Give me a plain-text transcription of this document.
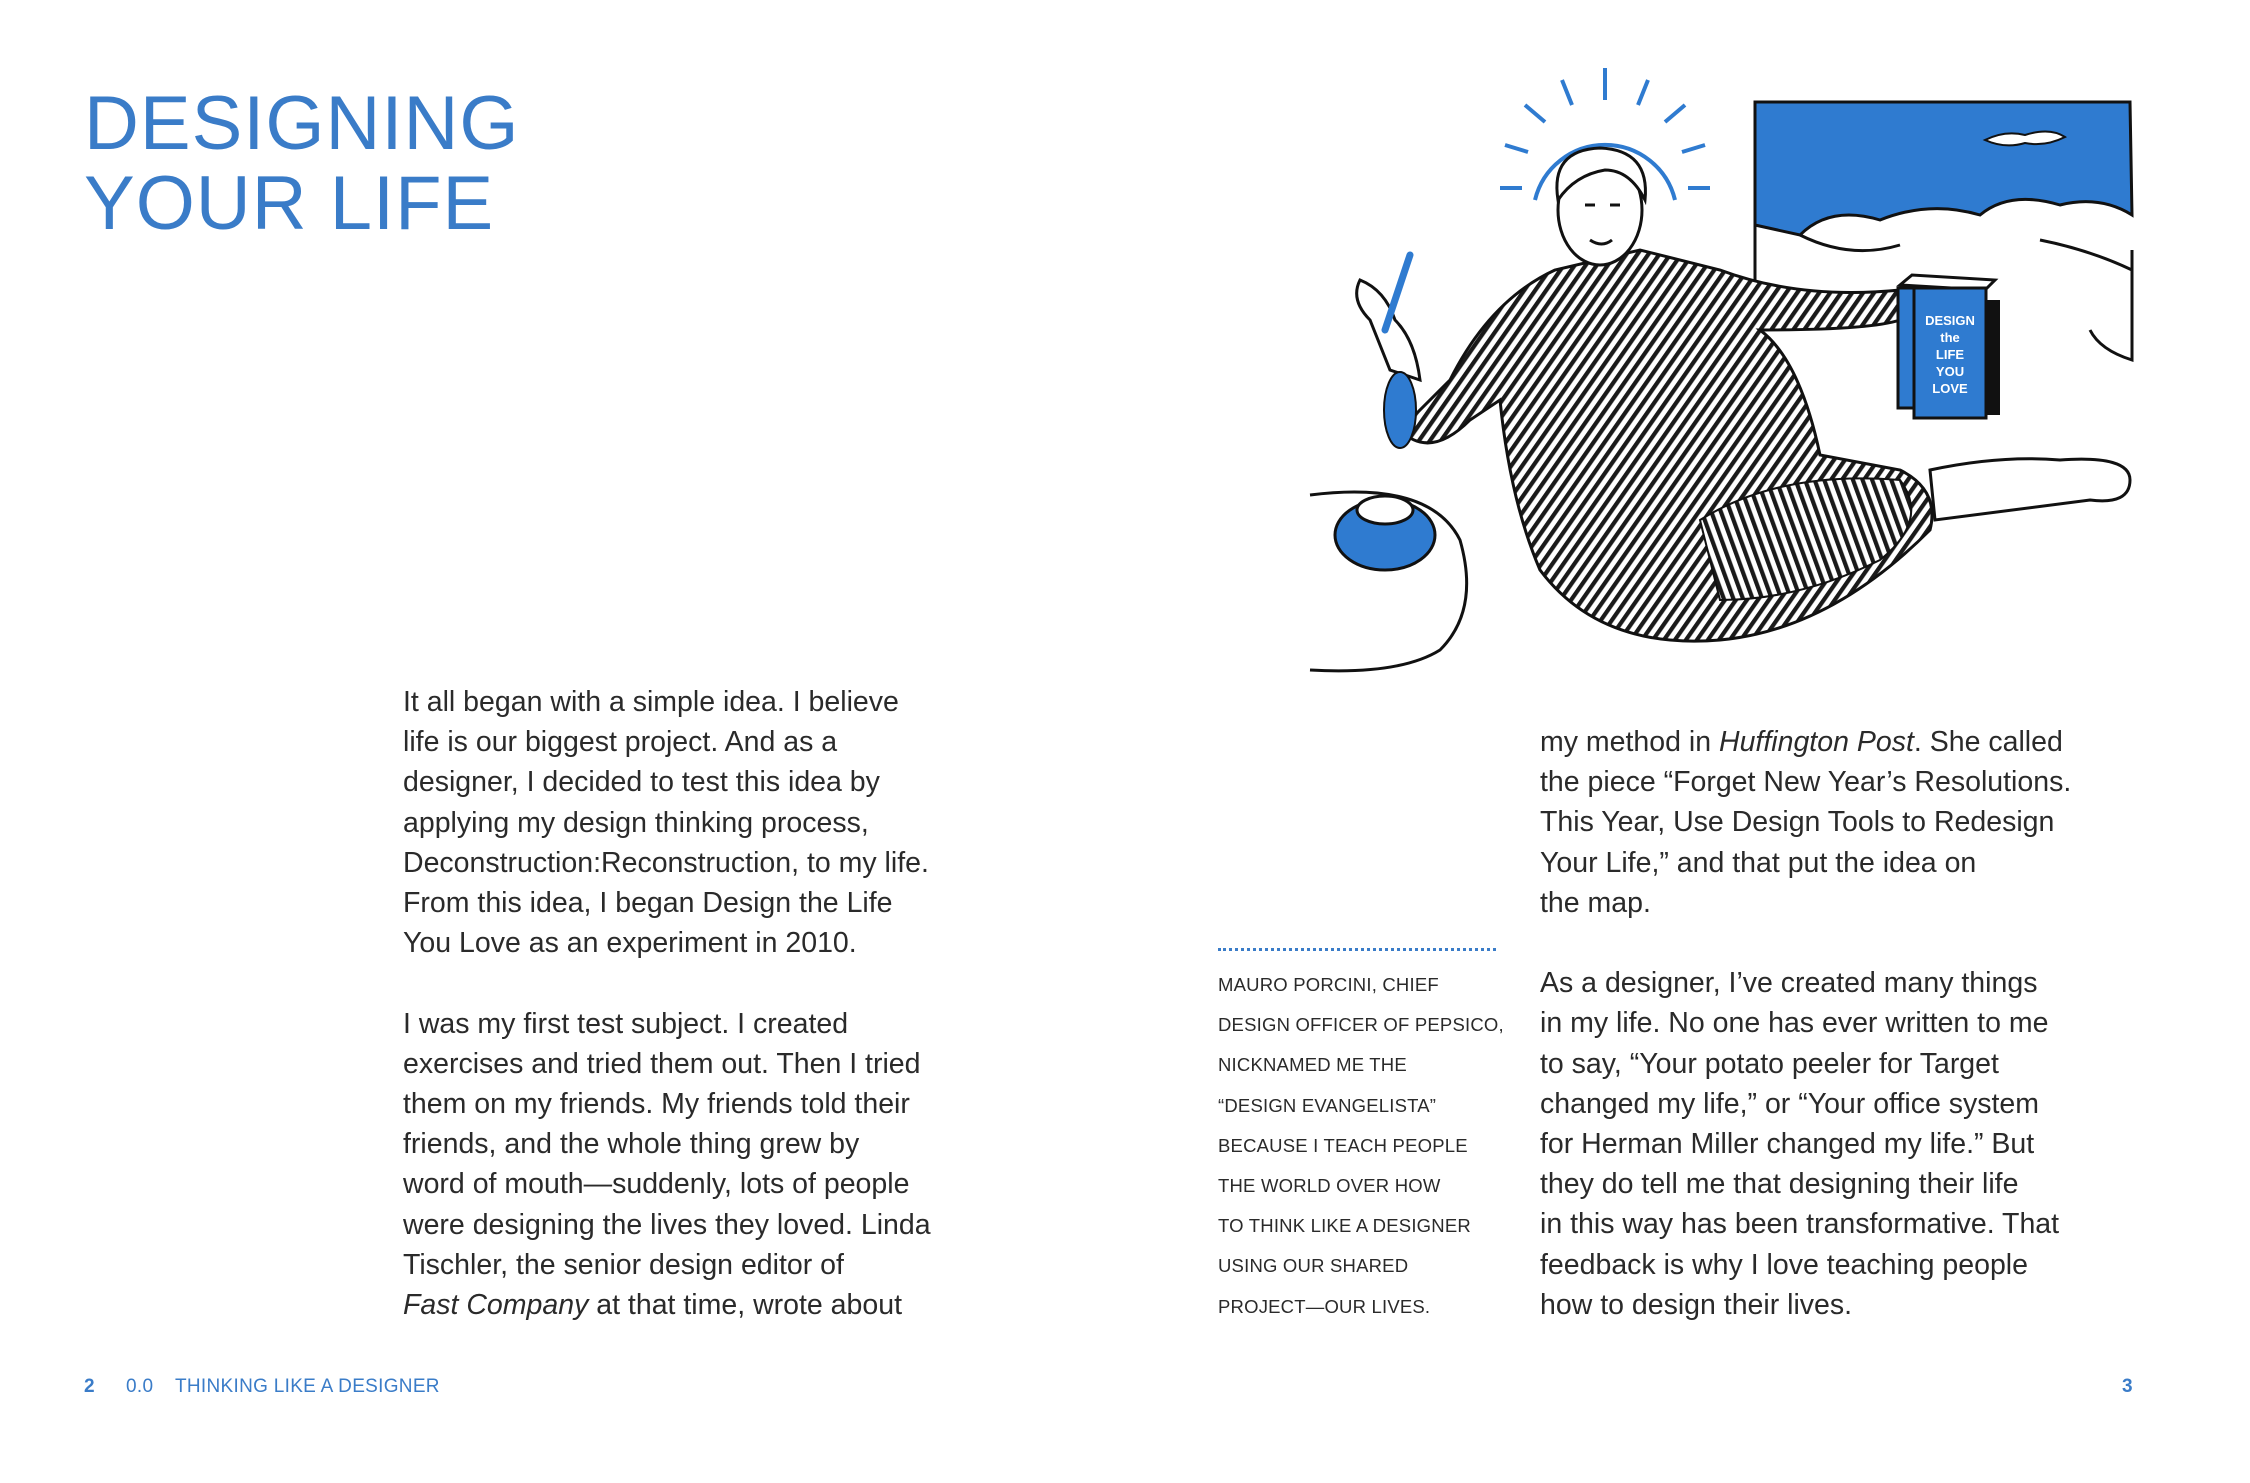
DESIGNING
YOUR LIFE
DESIGN
the
LIFE
YOU
LOVE
It all began with a simple idea. I believe
life is our biggest project. And as a
designer, I decided to test this idea by
applying my design thinking process,
Deconstruction:Reconstruction, to my life.
From this idea, I began Design the Life
You Love as an experiment in 2010.
I was my first test subject. I created
exercises and tried them out. Then I tried
them on my friends. My friends told their
friends, and the whole thing grew by
word of mouth—suddenly, lots of people
were designing the lives they loved. Linda
Tischler, the senior design editor of
Fast Company at that time, wrote about
MAURO PORCINI, CHIEF
DESIGN OFFICER OF PEPSICO,
NICKNAMED ME THE
“DESIGN EVANGELISTA”
BECAUSE I TEACH PEOPLE
THE WORLD OVER HOW
TO THINK LIKE A DESIGNER
USING OUR SHARED
PROJECT—OUR LIVES.
my method in Huffington Post. She called
the piece “Forget New Year’s Resolutions.
This Year, Use Design Tools to Redesign
Your Life,” and that put the idea on
the map.
As a designer, I’ve created many things
in my life. No one has ever written to me
to say, “Your potato peeler for Target
changed my life,” or “Your office system
for Herman Miller changed my life.” But
they do tell me that designing their life
in this way has been transformative. That
feedback is why I love teaching people
how to design their lives.
2 0.0 THINKING LIKE A DESIGNER	3
